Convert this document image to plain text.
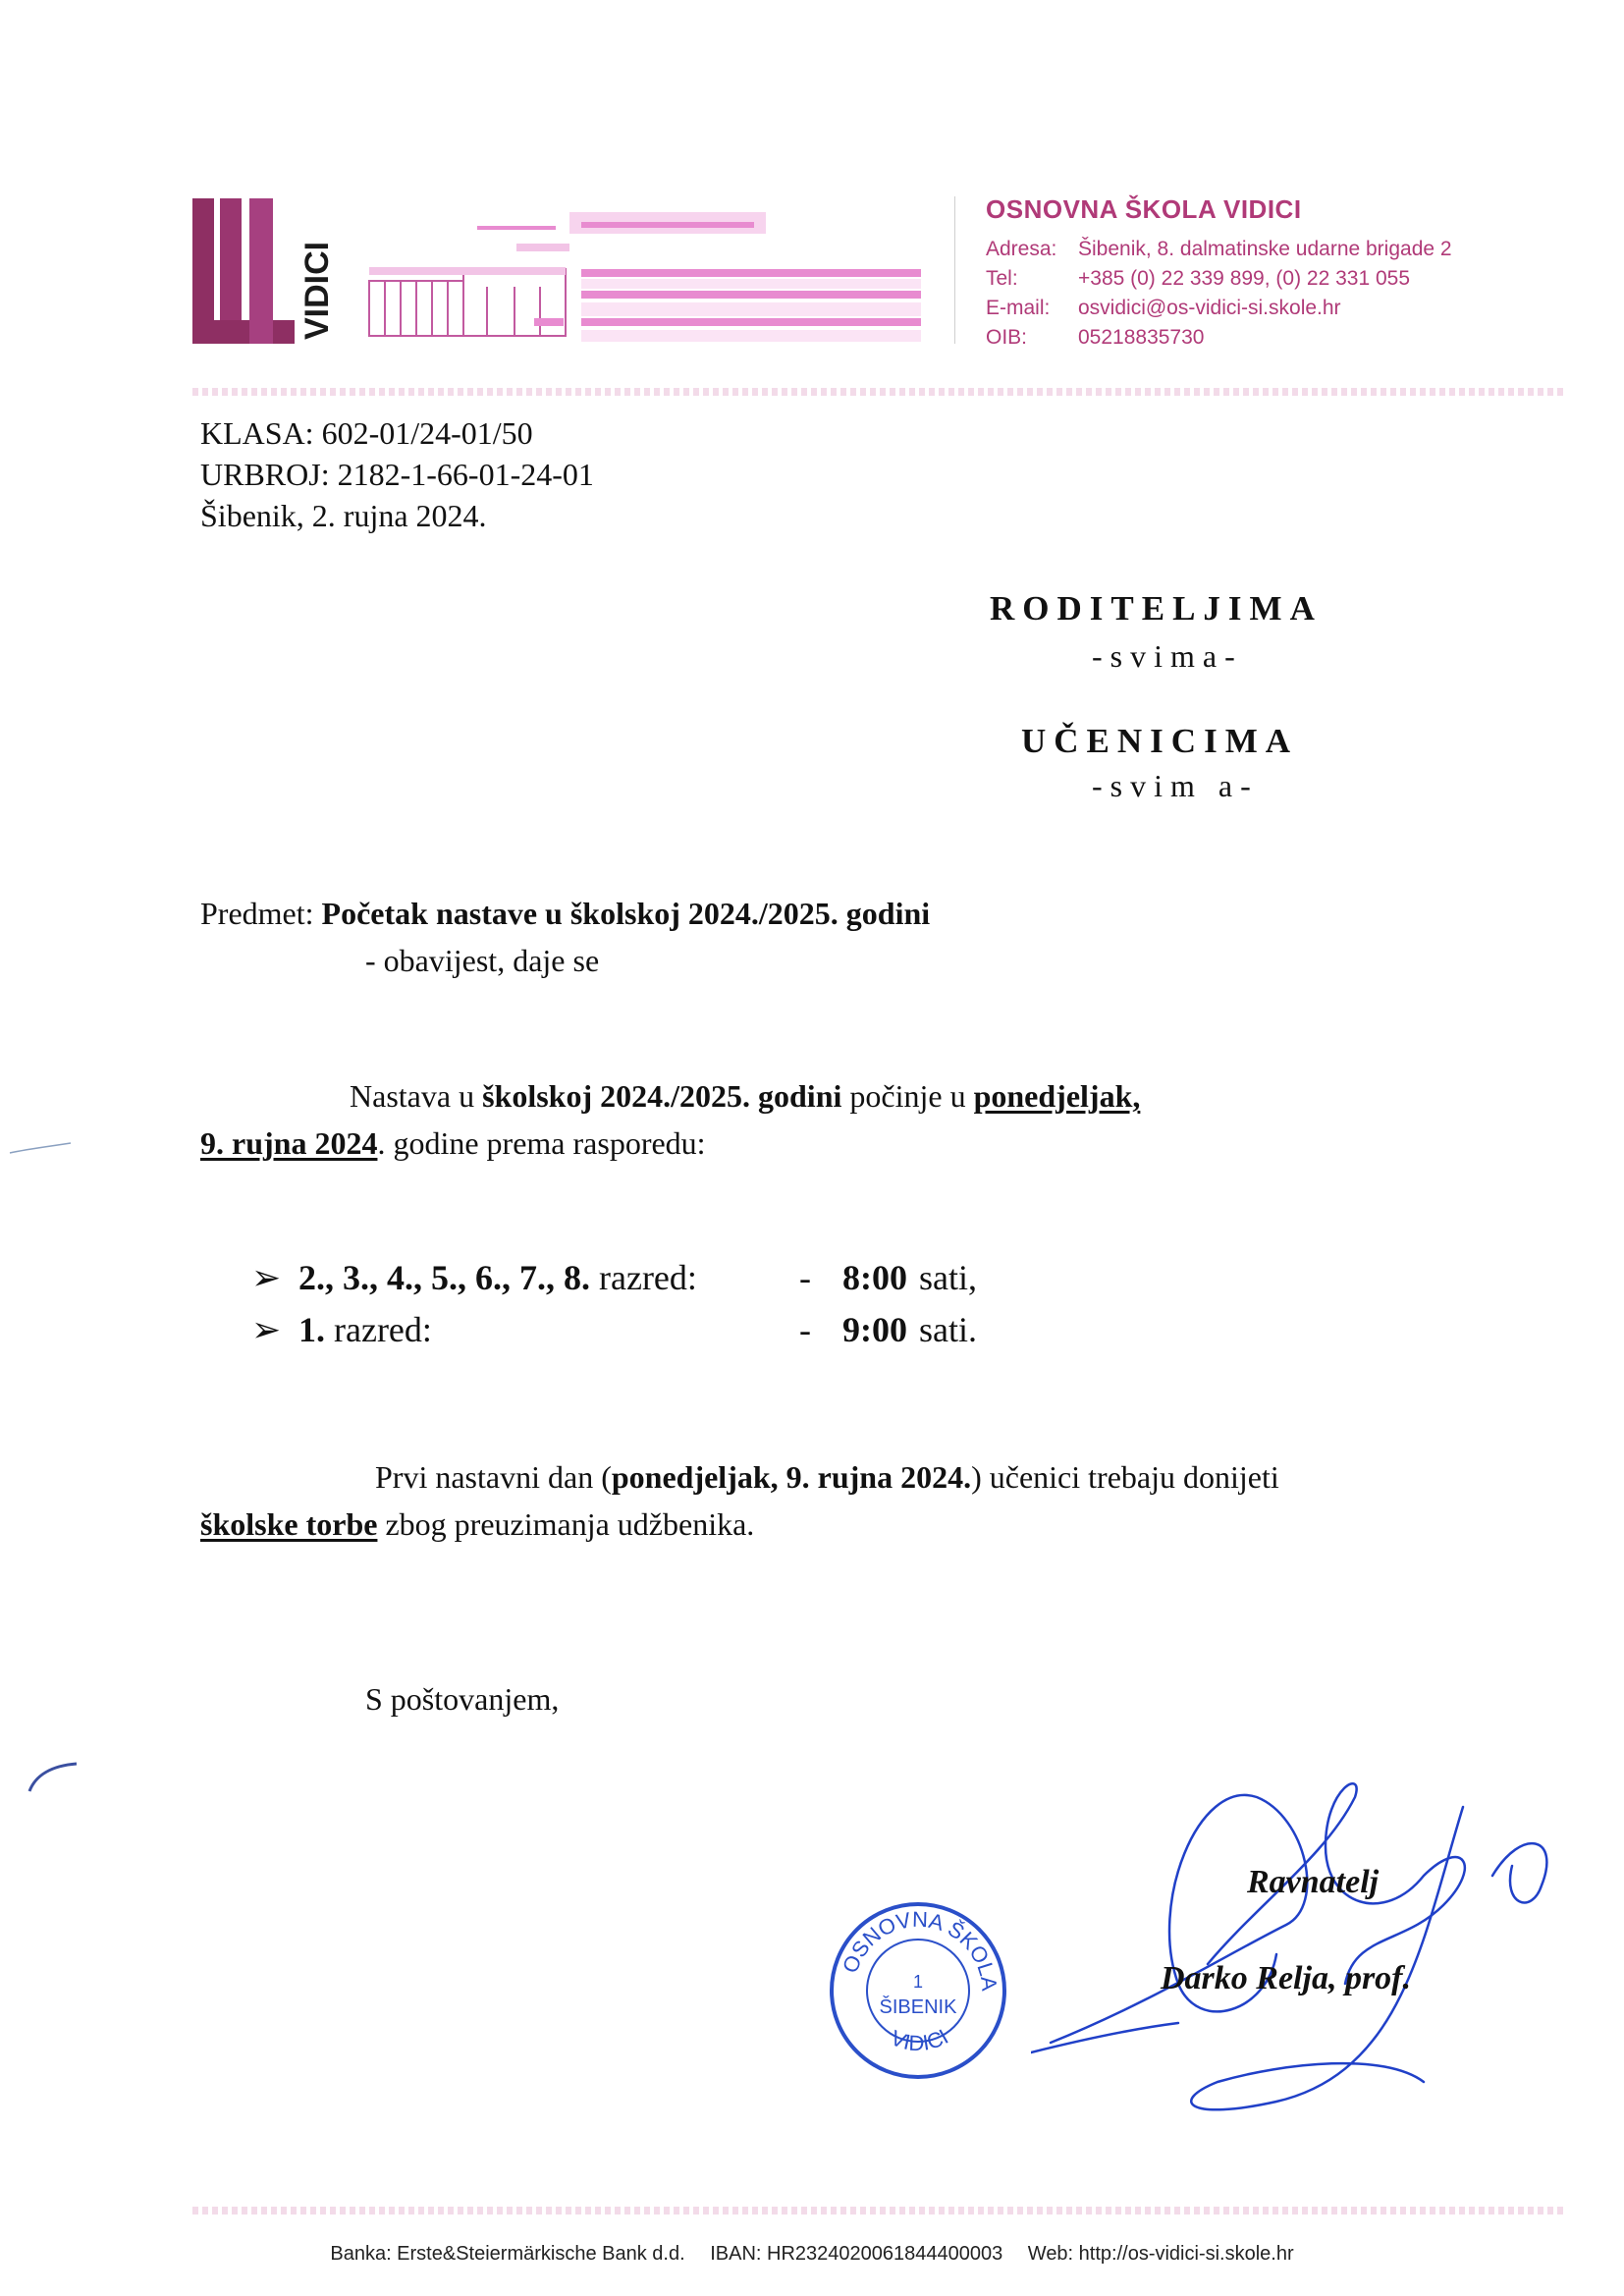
VIDICI
OSNOVNA ŠKOLA VIDICI
Adresa:	Šibenik, 8. dalmatinske udarne brigade 2
Tel:	+385 (0) 22 339 899, (0) 22 331 055
E-mail:	osvidici@os-vidici-si.skole.hr
OIB:	05218835730
KLASA: 602-01/24-01/50
URBROJ: 2182-1-66-01-24-01
Šibenik, 2. rujna 2024.
RODITELJIMA
-svima-
UČENICIMA
-svim a-
Predmet: Početak nastave u školskoj 2024./2025. godini
- obavijest, daje se
Nastava u školskoj 2024./2025. godini počinje u ponedjeljak,
9. rujna 2024. godine prema rasporedu:
➢ 2., 3., 4., 5., 6., 7., 8. razred:	- 8:00 sati,
➢ 1. razred:	- 9:00 sati.
Prvi nastavni dan (ponedjeljak, 9. rujna 2024.) učenici trebaju donijeti
školske torbe zbog preuzimanja udžbenika.
S poštovanjem,
OSNOVNA ŠKOLA
1
ŠIBENIK
VIDICI
Ravnatelj
Darko Relja, prof.
Banka: Erste&Steiermärkische Bank d.d. IBAN: HR2324020061844400003 Web: http://os-vidici-si.skole.hr
